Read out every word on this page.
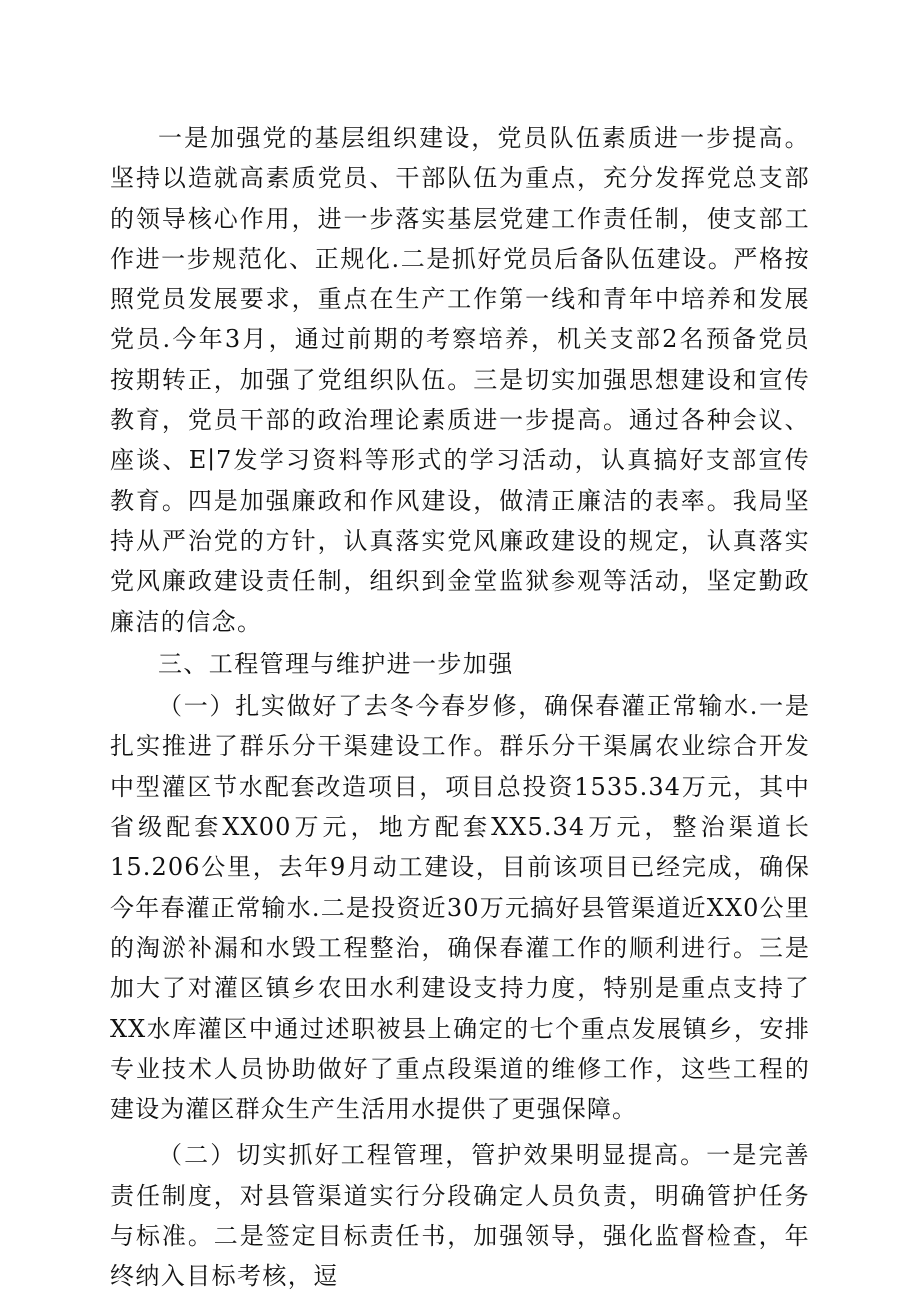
一是加强党的基层组织建设，党员队伍素质进一步提高。坚持以造就高素质党员、干部队伍为重点，充分发挥党总支部的领导核心作用，进一步落实基层党建工作责任制，使支部工作进一步规范化、正规化.二是抓好党员后备队伍建设。严格按照党员发展要求，重点在生产工作第一线和青年中培养和发展党员.今年3月，通过前期的考察培养，机关支部2名预备党员按期转正，加强了党组织队伍。三是切实加强思想建设和宣传教育，党员干部的政治理论素质进一步提高。通过各种会议、座谈、E∣7发学习资料等形式的学习活动，认真搞好支部宣传教育。四是加强廉政和作风建设，做清正廉洁的表率。我局坚持从严治党的方针，认真落实党风廉政建设的规定，认真落实党风廉政建设责任制，组织到金堂监狱参观等活动，坚定勤政廉洁的信念。

三、工程管理与维护进一步加强

（一）扎实做好了去冬今春岁修，确保春灌正常输水.一是扎实推进了群乐分干渠建设工作。群乐分干渠属农业综合开发中型灌区节水配套改造项目，项目总投资1535.34万元，其中省级配套XX00万元，地方配套XX5.34万元，整治渠道长15.206公里，去年9月动工建设，目前该项目已经完成，确保今年春灌正常输水.二是投资近30万元搞好县管渠道近XX0公里的淘淤补漏和水毁工程整治，确保春灌工作的顺利进行。三是加大了对灌区镇乡农田水利建设支持力度，特别是重点支持了XX水库灌区中通过述职被县上确定的七个重点发展镇乡，安排专业技术人员协助做好了重点段渠道的维修工作，这些工程的建设为灌区群众生产生活用水提供了更强保障。

（二）切实抓好工程管理，管护效果明显提高。一是完善责任制度，对县管渠道实行分段确定人员负责，明确管护任务与标准。二是签定目标责任书，加强领导，强化监督检查，年终纳入目标考核，逗
